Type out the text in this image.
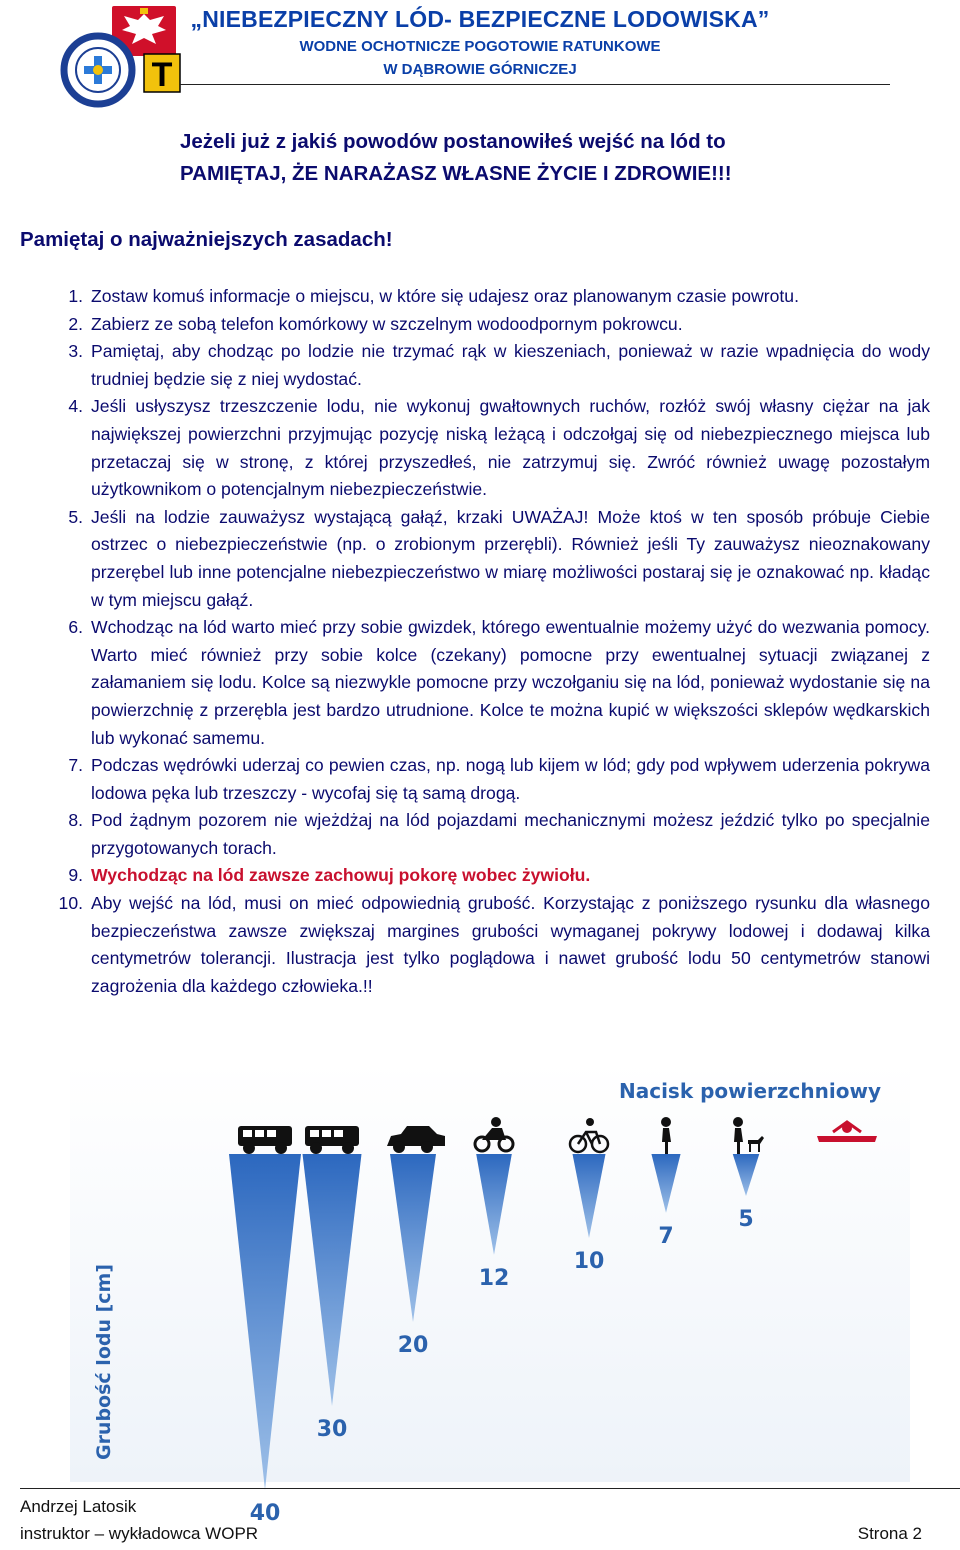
T
„NIEBEZPIECZNY LÓD- BEZPIECZNE LODOWISKA”
WODNE OCHOTNICZE POGOTOWIE RATUNKOWE
W DĄBROWIE GÓRNICZEJ
Jeżeli już z jakiś powodów postanowiłeś wejść na lód to
PAMIĘTAJ, ŻE NARAŻASZ WŁASNE ŻYCIE I ZDROWIE!!!
Pamiętaj o najważniejszych zasadach!
1. Zostaw komuś informacje o miejscu, w które się udajesz oraz planowanym czasie powrotu.
2. Zabierz ze sobą telefon komórkowy w szczelnym wodoodpornym pokrowcu.
3. Pamiętaj, aby chodząc po lodzie nie trzymać rąk w kieszeniach, ponieważ w razie wpadnięcia do wody trudniej będzie się z niej wydostać.
4. Jeśli usłyszysz trzeszczenie lodu, nie wykonuj gwałtownych ruchów, rozłóż swój własny ciężar na jak największej powierzchni przyjmując pozycję niską leżącą i odczołgaj się od niebezpiecznego miejsca lub przetaczaj się w stronę, z której przyszedłeś, nie zatrzymuj się. Zwróć również uwagę pozostałym użytkownikom o potencjalnym niebezpieczeństwie.
5. Jeśli na lodzie zauważysz wystającą gałąź, krzaki UWAŻAJ! Może ktoś w ten sposób próbuje Ciebie ostrzec o niebezpieczeństwie (np. o zrobionym przerębli). Również jeśli Ty zauważysz nieoznakowany przerębel lub inne potencjalne niebezpieczeństwo w miarę możliwości postaraj się je oznakować np. kładąc w tym miejscu gałąź.
6. Wchodząc na lód warto mieć przy sobie gwizdek, którego ewentualnie możemy użyć do wezwania pomocy. Warto mieć również przy sobie kolce (czekany) pomocne przy ewentualnej sytuacji związanej z załamaniem się lodu. Kolce są niezwykle pomocne przy wczołganiu się na lód, ponieważ wydostanie się na powierzchnię z przerębla jest bardzo utrudnione. Kolce te można kupić w większości sklepów wędkarskich lub wykonać samemu.
7. Podczas wędrówki uderzaj co pewien czas, np. nogą lub kijem w lód; gdy pod wpływem uderzenia pokrywa lodowa pęka lub trzeszczy - wycofaj się tą samą drogą.
8. Pod żądnym pozorem nie wjeżdżaj na lód pojazdami mechanicznymi możesz jeździć tylko po specjalnie przygotowanych torach.
9. Wychodząc na lód zawsze zachowuj pokorę wobec żywiołu.
10. Aby wejść na lód, musi on mieć odpowiednią grubość. Korzystając z poniższego rysunku dla własnego bezpieczeństwa zawsze zwiększaj margines grubości wymaganej pokrywy lodowej i dodawaj kilka centymetrów tolerancji. Ilustracja jest tylko poglądowa i nawet grubość lodu 50 centymetrów stanowi zagrożenia dla każdego człowieka.!!
Nacisk powierzchniowy
Grubość lodu [cm]
40
30
20
12
10
7
5
Andrzej Latosik
instruktor – wykładowca WOPR	Strona 2
